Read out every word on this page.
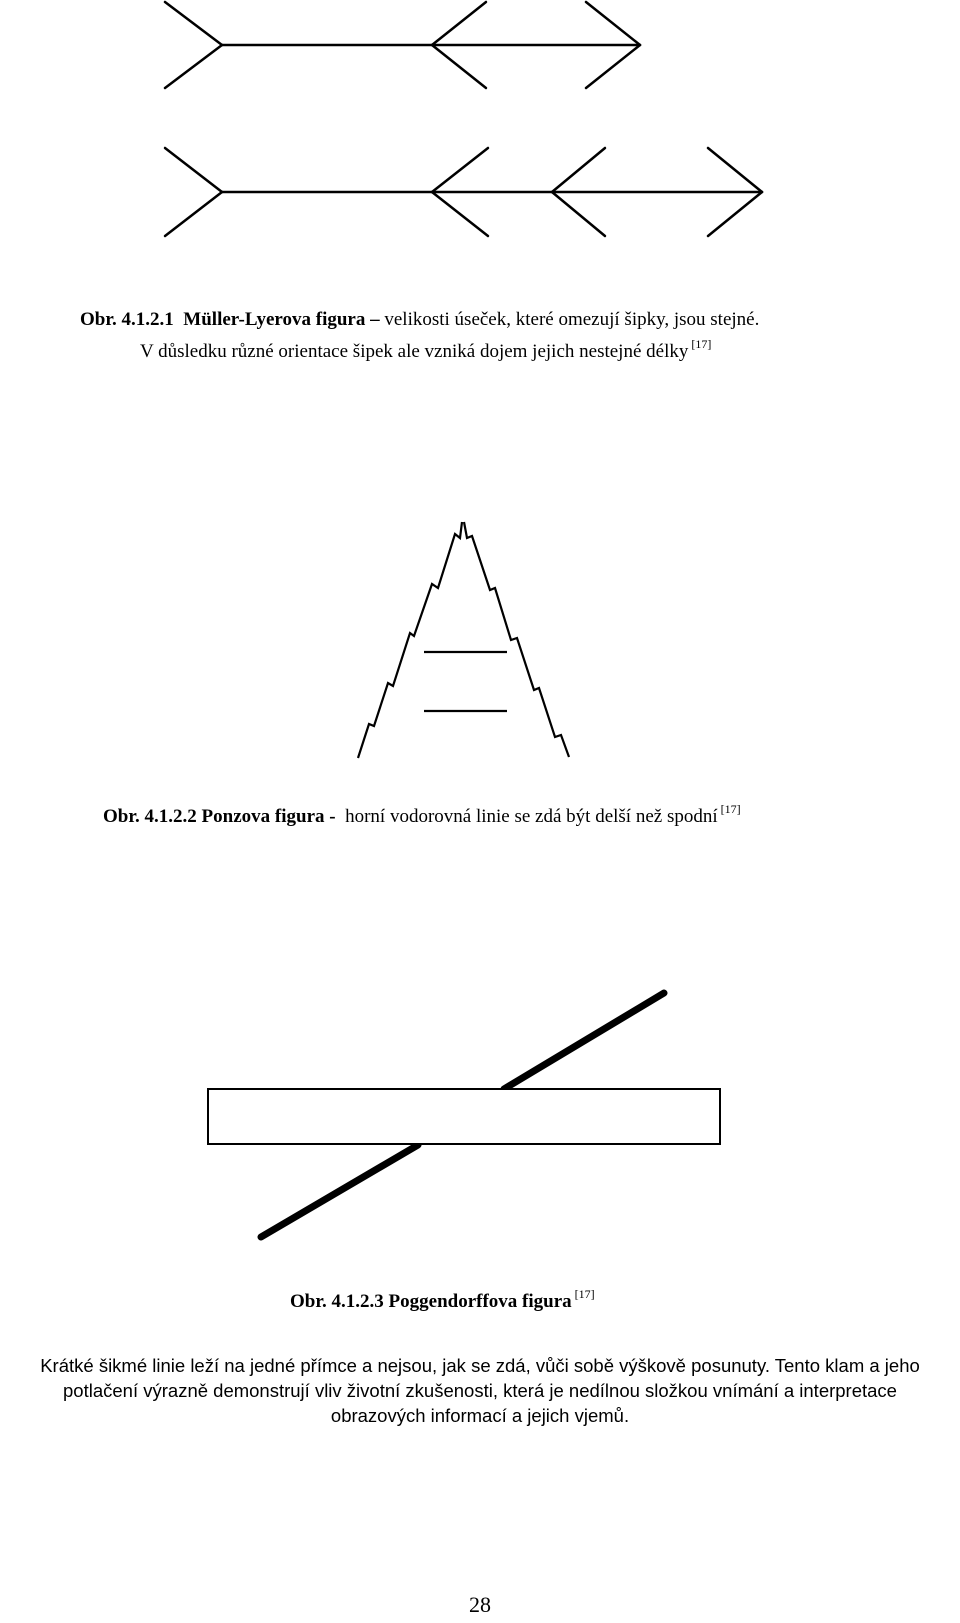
Obr. 4.1.2.1 Müller-Lyerova figura – velikosti úseček, které omezují šipky, jsou stejné.
V důsledku různé orientace šipek ale vzniká dojem jejich nestejné délky [17]
Obr. 4.1.2.2 Ponzova figura - horní vodorovná linie se zdá být delší než spodní [17]
Obr. 4.1.2.3 Poggendorffova figura [17]
Krátké šikmé linie leží na jedné přímce a nejsou, jak se zdá, vůči sobě výškově posunuty. Tento klam a jeho
potlačení výrazně demonstrují vliv životní zkušenosti, která je nedílnou složkou vnímání a interpretace
obrazových informací a jejich vjemů.
28
